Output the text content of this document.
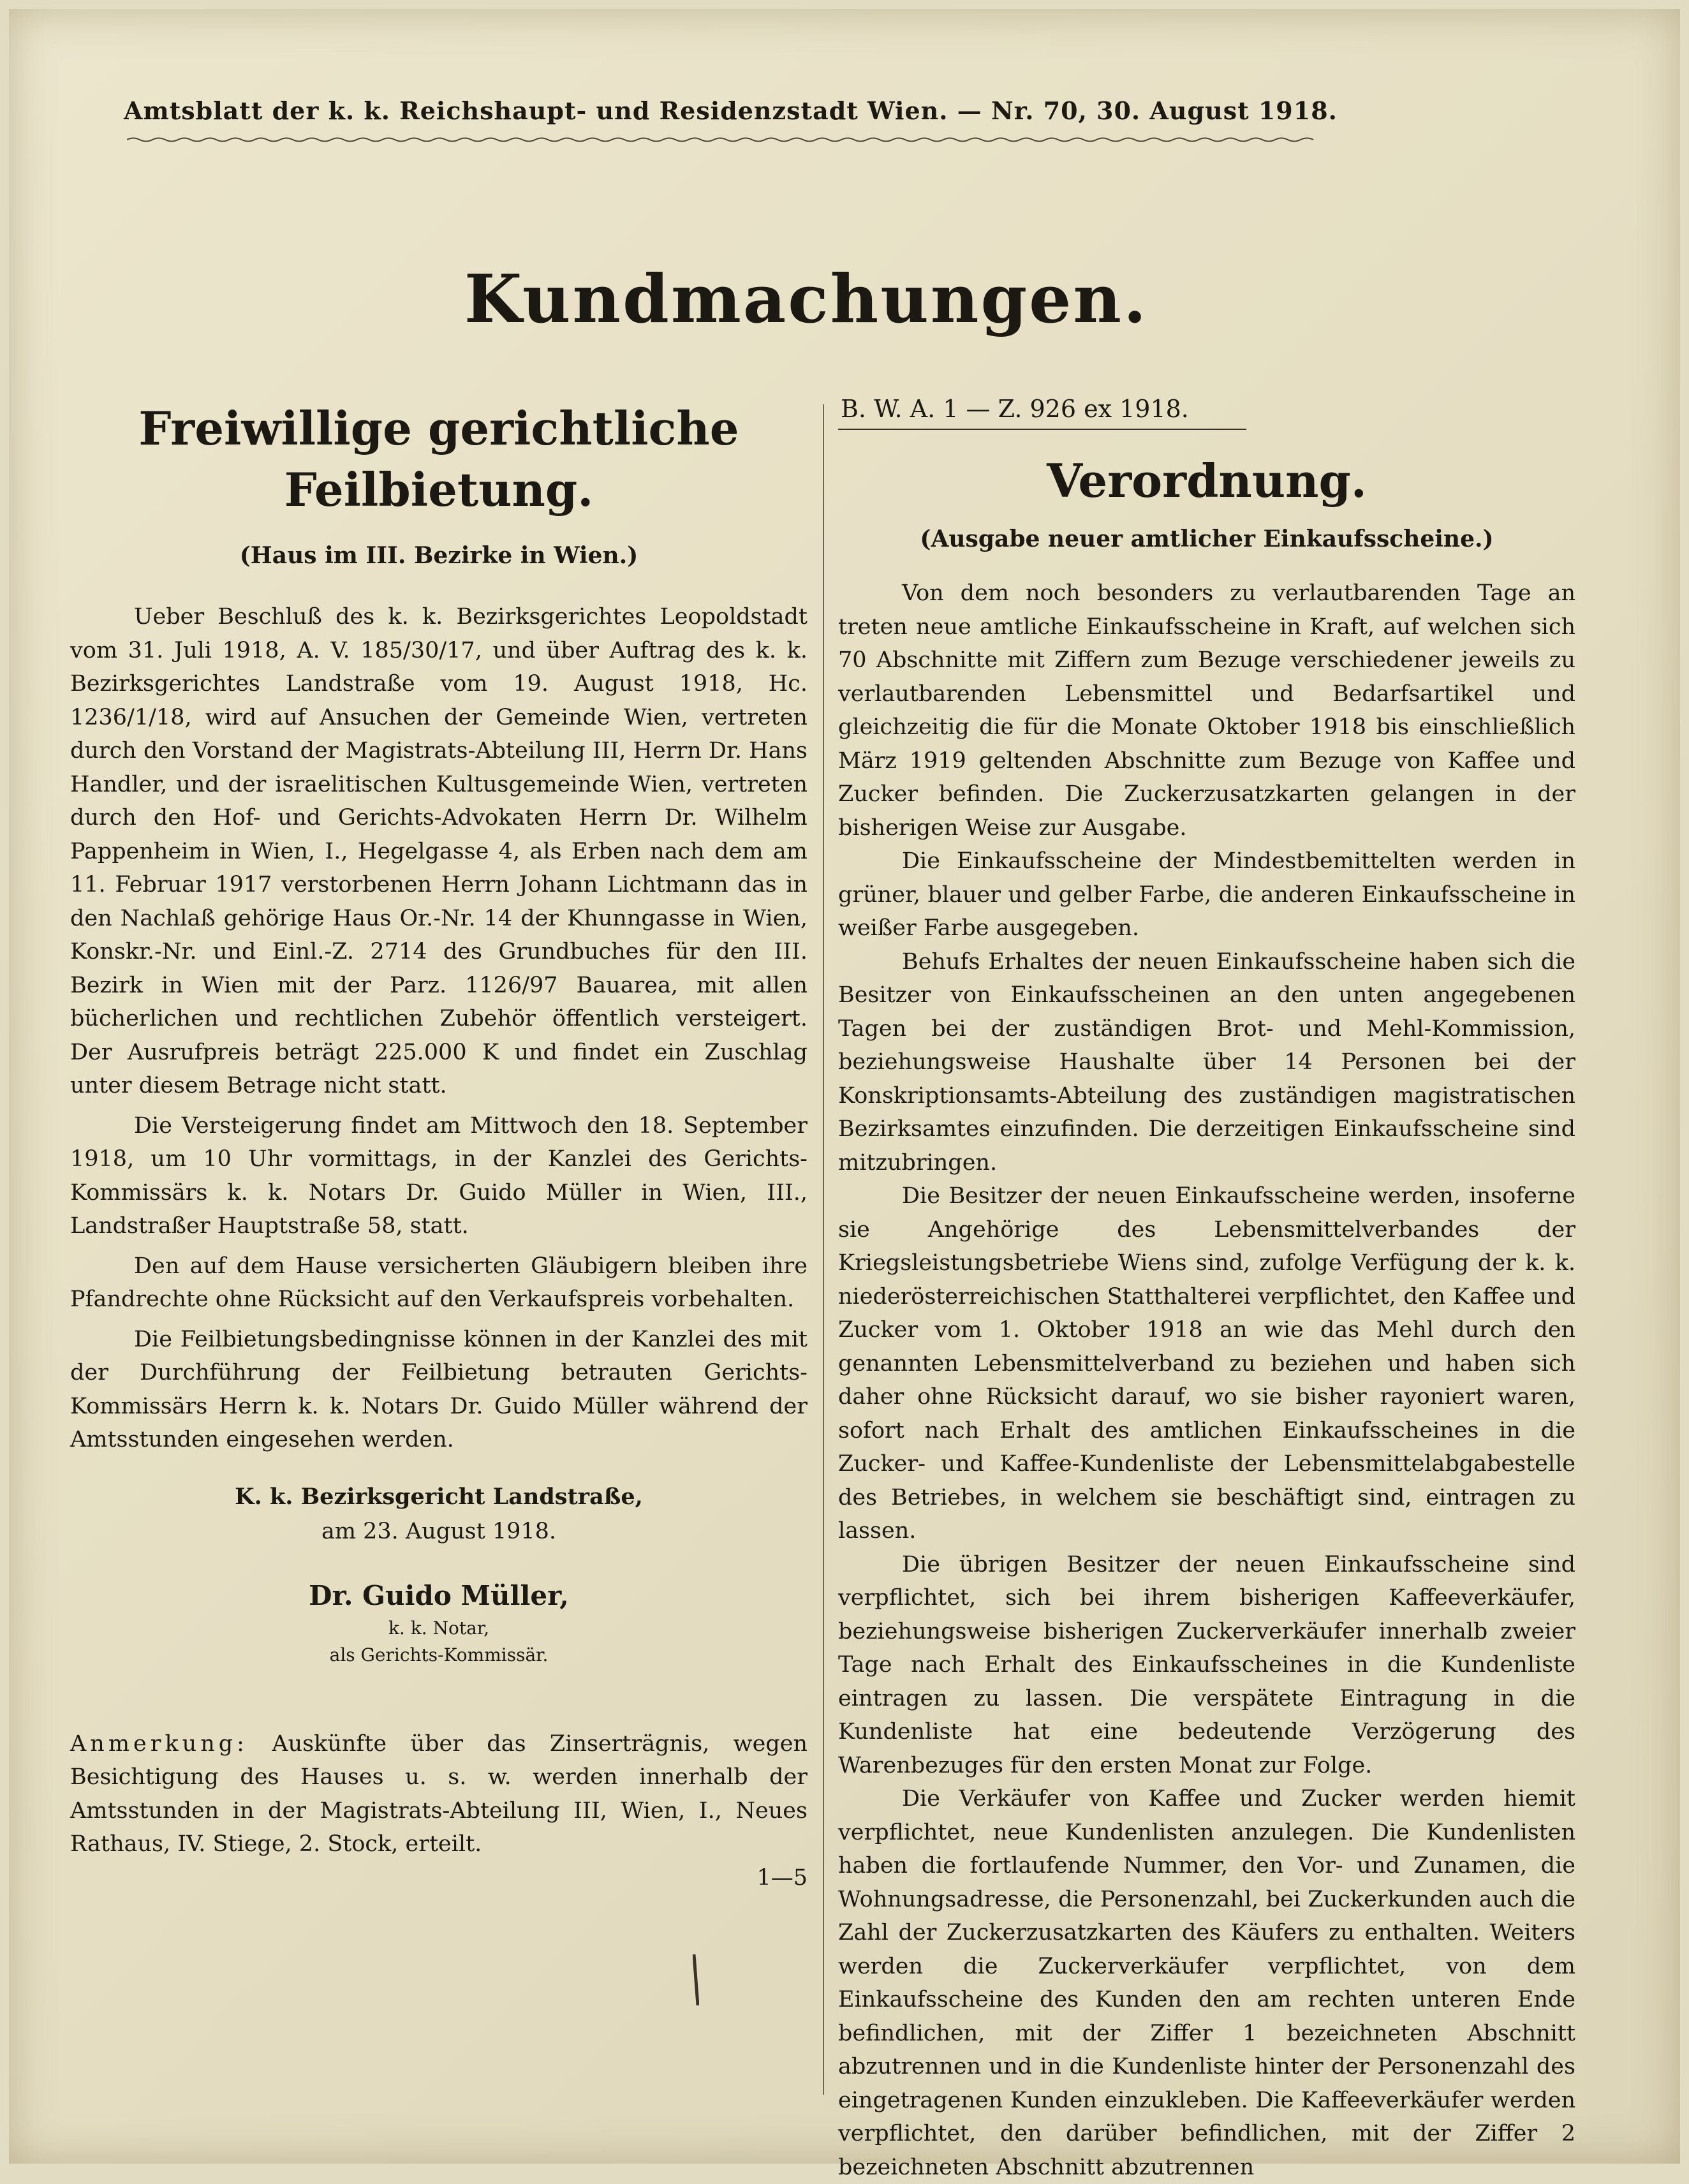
Amtsblatt der k. k. Reichshaupt- und Residenzstadt Wien. — Nr. 70, 30. August 1918.
Kundmachungen.
Freiwillige gerichtliche
Feilbietung.
(Haus im III. Bezirke in Wien.)

Ueber Beschluß des k. k. Bezirksgerichtes Leopoldstadt vom 31. Juli 1918, A. V. 185/30/17, und über Auftrag des k. k. Bezirksgerichtes Landstraße vom 19. August 1918, Hc. 1236/1/18, wird auf Ansuchen der Gemeinde Wien, vertreten durch den Vorstand der Magistrats-Abteilung III, Herrn Dr. Hans Handler, und der israelitischen Kultusgemeinde Wien, vertreten durch den Hof- und Gerichts-Advokaten Herrn Dr. Wilhelm Pappenheim in Wien, I., Hegelgasse 4, als Erben nach dem am 11. Februar 1917 verstorbenen Herrn Johann Lichtmann das in den Nachlaß gehörige Haus Or.-Nr. 14 der Khunngasse in Wien, Konskr.-Nr. und Einl.-Z. 2714 des Grundbuches für den III. Bezirk in Wien mit der Parz. 1126/97 Bauarea, mit allen bücherlichen und rechtlichen Zubehör öffentlich versteigert. Der Ausrufpreis beträgt 225.000 K und findet ein Zuschlag unter diesem Betrage nicht statt.

Die Versteigerung findet am Mittwoch den 18. September 1918, um 10 Uhr vormittags, in der Kanzlei des Gerichts-Kommissärs k. k. Notars Dr. Guido Müller in Wien, III., Landstraßer Hauptstraße 58, statt.

Den auf dem Hause versicherten Gläubigern bleiben ihre Pfandrechte ohne Rücksicht auf den Verkaufspreis vorbehalten.

Die Feilbietungsbedingnisse können in der Kanzlei des mit der Durchführung der Feilbietung betrauten Gerichts-Kommissärs Herrn k. k. Notars Dr. Guido Müller während der Amtsstunden eingesehen werden.

K. k. Bezirksgericht Landstraße,
am 23. August 1918.
Dr. Guido Müller,
k. k. Notar,
als Gerichts-Kommissär.

Anmerkung: Auskünfte über das Zinserträgnis, wegen Besichtigung des Hauses u. s. w. werden innerhalb der Amtsstunden in der Magistrats-Abteilung III, Wien, I., Neues Rathaus, IV. Stiege, 2. Stock, erteilt.

1—5
B. W. A. 1 — Z. 926 ex 1918.
Verordnung.
(Ausgabe neuer amtlicher Einkaufsscheine.)

Von dem noch besonders zu verlautbarenden Tage an treten neue amtliche Einkaufsscheine in Kraft, auf welchen sich 70 Abschnitte mit Ziffern zum Bezuge verschiedener jeweils zu verlautbarenden Lebensmittel und Bedarfsartikel und gleichzeitig die für die Monate Oktober 1918 bis einschließlich März 1919 geltenden Abschnitte zum Bezuge von Kaffee und Zucker befinden. Die Zuckerzusatzkarten gelangen in der bisherigen Weise zur Ausgabe.

Die Einkaufsscheine der Mindestbemittelten werden in grüner, blauer und gelber Farbe, die anderen Einkaufsscheine in weißer Farbe ausgegeben.

Behufs Erhaltes der neuen Einkaufsscheine haben sich die Besitzer von Einkaufsscheinen an den unten angegebenen Tagen bei der zuständigen Brot- und Mehl-Kommission, beziehungsweise Haushalte über 14 Personen bei der Konskriptionsamts-Abteilung des zuständigen magistratischen Bezirksamtes einzufinden. Die derzeitigen Einkaufsscheine sind mitzubringen.

Die Besitzer der neuen Einkaufsscheine werden, insoferne sie Angehörige des Lebensmittelverbandes der Kriegsleistungsbetriebe Wiens sind, zufolge Verfügung der k. k. niederösterreichischen Statthalterei verpflichtet, den Kaffee und Zucker vom 1. Oktober 1918 an wie das Mehl durch den genannten Lebensmittelverband zu beziehen und haben sich daher ohne Rücksicht darauf, wo sie bisher rayoniert waren, sofort nach Erhalt des amtlichen Einkaufsscheines in die Zucker- und Kaffee-Kundenliste der Lebensmittelabgabestelle des Betriebes, in welchem sie beschäftigt sind, eintragen zu lassen.

Die übrigen Besitzer der neuen Einkaufsscheine sind verpflichtet, sich bei ihrem bisherigen Kaffeeverkäufer, beziehungsweise bisherigen Zuckerverkäufer innerhalb zweier Tage nach Erhalt des Einkaufsscheines in die Kundenliste eintragen zu lassen. Die verspätete Eintragung in die Kundenliste hat eine bedeutende Verzögerung des Warenbezuges für den ersten Monat zur Folge.

Die Verkäufer von Kaffee und Zucker werden hiemit verpflichtet, neue Kundenlisten anzulegen. Die Kundenlisten haben die fortlaufende Nummer, den Vor- und Zunamen, die Wohnungsadresse, die Personenzahl, bei Zuckerkunden auch die Zahl der Zuckerzusatzkarten des Käufers zu enthalten. Weiters werden die Zuckerverkäufer verpflichtet, von dem Einkaufsscheine des Kunden den am rechten unteren Ende befindlichen, mit der Ziffer 1 bezeichneten Abschnitt abzutrennen und in die Kundenliste hinter der Personenzahl des eingetragenen Kunden einzukleben. Die Kaffeeverkäufer werden verpflichtet, den darüber befindlichen, mit der Ziffer 2 bezeichneten Abschnitt abzutrennen
